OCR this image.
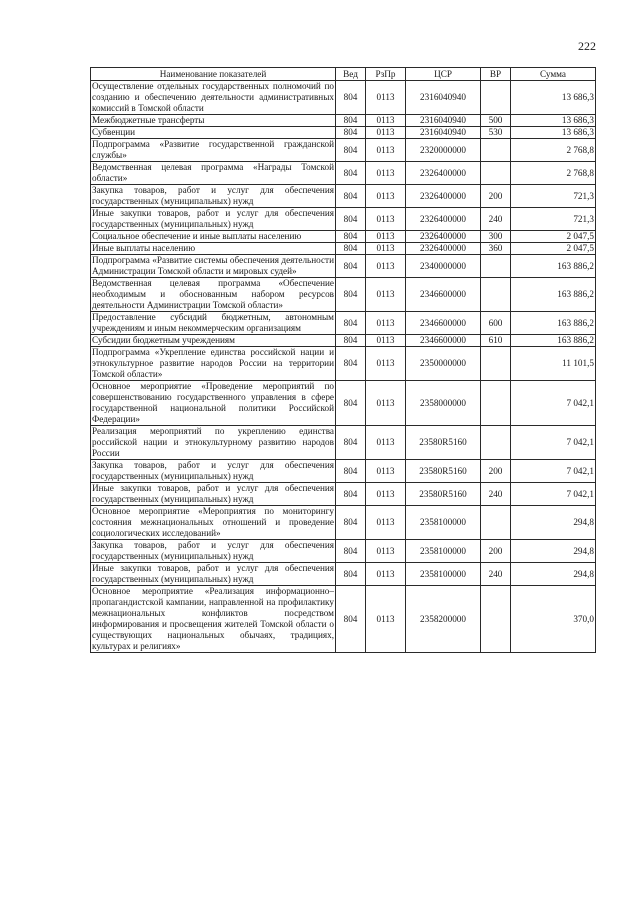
222
Наименование показателей	Вед	РзПр	ЦСР	ВР	Сумма
Осуществление отдельных государственных полномочий по созданию и обеспечению деятельности административных комиссий в Томской области	804	0113	2316040940		13 686,3
Межбюджетные трансферты	804	0113	2316040940	500	13 686,3
Субвенции	804	0113	2316040940	530	13 686,3
Подпрограмма «Развитие государственной гражданской службы»	804	0113	2320000000		2 768,8
Ведомственная целевая программа «Награды Томской области»	804	0113	2326400000		2 768,8
Закупка товаров, работ и услуг для обеспечения государственных (муниципальных) нужд	804	0113	2326400000	200	721,3
Иные закупки товаров, работ и услуг для обеспечения государственных (муниципальных) нужд	804	0113	2326400000	240	721,3
Социальное обеспечение и иные выплаты населению	804	0113	2326400000	300	2 047,5
Иные выплаты населению	804	0113	2326400000	360	2 047,5
Подпрограмма «Развитие системы обеспечения деятельности Администрации Томской области и мировых судей»	804	0113	2340000000		163 886,2
Ведомственная целевая программа «Обеспечение необходимым и обоснованным набором ресурсов деятельности Администрации Томской области»	804	0113	2346600000		163 886,2
Предоставление субсидий бюджетным, автономным учреждениям и иным некоммерческим организациям	804	0113	2346600000	600	163 886,2
Субсидии бюджетным учреждениям	804	0113	2346600000	610	163 886,2
Подпрограмма «Укрепление единства российской нации и этнокультурное развитие народов России на территории Томской области»	804	0113	2350000000		11 101,5
Основное мероприятие «Проведение мероприятий по совершенствованию государственного управления в сфере государственной национальной политики Российской Федерации»	804	0113	2358000000		7 042,1
Реализация мероприятий по укреплению единства российской нации и этнокультурному развитию народов России	804	0113	23580R5160		7 042,1
Закупка товаров, работ и услуг для обеспечения государственных (муниципальных) нужд	804	0113	23580R5160	200	7 042,1
Иные закупки товаров, работ и услуг для обеспечения государственных (муниципальных) нужд	804	0113	23580R5160	240	7 042,1
Основное мероприятие «Мероприятия по мониторингу состояния межнациональных отношений и проведение социологических исследований»	804	0113	2358100000		294,8
Закупка товаров, работ и услуг для обеспечения государственных (муниципальных) нужд	804	0113	2358100000	200	294,8
Иные закупки товаров, работ и услуг для обеспечения государственных (муниципальных) нужд	804	0113	2358100000	240	294,8
Основное мероприятие «Реализация информационно–пропагандистской кампании, направленной на профилактику межнациональных конфликтов посредством информирования и просвещения жителей Томской области о существующих национальных обычаях, традициях, культурах и религиях»	804	0113	2358200000		370,0
